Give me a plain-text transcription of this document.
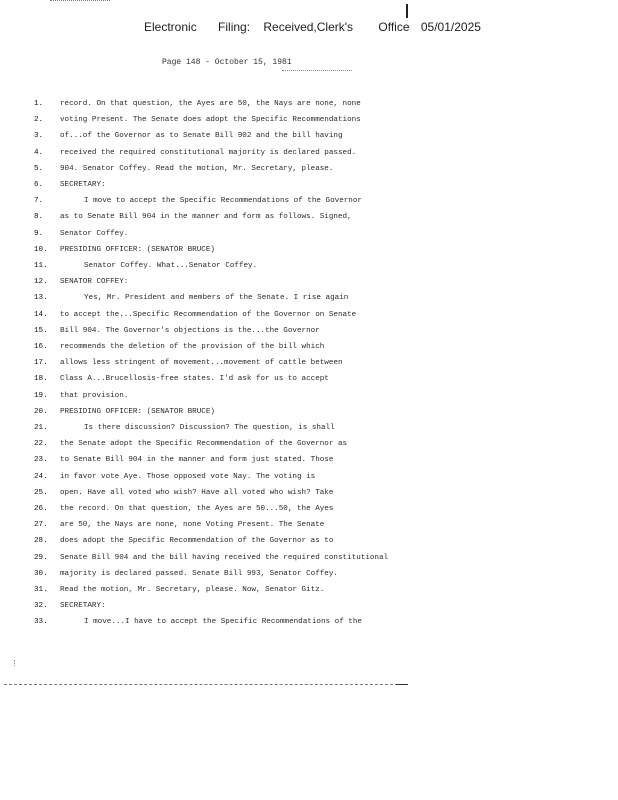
Electronic Filing: Received,Clerk's Office 05/01/2025
Page 148 - October 15, 1981
1.	record. On that question, the Ayes are 50, the Nays are none, none
2.	voting Present. The Senate does adopt the Specific Recommendations
3.	of...of the Governor as to Senate Bill 902 and the bill having
4.	received the required constitutional majority is declared passed.
5.	904. Senator Coffey. Read the motion, Mr. Secretary, please.
6.	SECRETARY:
7.	I move to accept the Specific Recommendations of the Governor
8.	as to Senate Bill 904 in the manner and form as follows. Signed,
9.	Senator Coffey.
10. PRESIDING OFFICER: (SENATOR BRUCE)
11.	Senator Coffey. What...Senator Coffey.
12. SENATOR COFFEY:
13.	Yes, Mr. President and members of the Senate. I rise again
14. to accept the...Specific Recommendation of the Governor on Senate
15. Bill 904. The Governor's objections is the...the Governor
16. recommends the deletion of the provision of the bill which
17. allows less stringent of movement...movement of cattle between
18. Class A...Brucellosis-free states. I'd ask for us to accept
19. that provision.
20. PRESIDING OFFICER: (SENATOR BRUCE)
21.	Is there discussion? Discussion? The question, is shall
22. the Senate adopt the Specific Recommendation of the Governor as
23. to Senate Bill 904 in the manner and form just stated. Those
24. in favor vote Aye. Those opposed vote Nay. The voting is
25. open. Have all voted who wish? Have all voted who wish? Take
26. the record. On that question, the Ayes are 50...50, the Ayes
27. are 50, the Nays are none, none Voting Present. The Senate
28. does adopt the Specific Recommendation of the Governor as to
29. Senate Bill 904 and the bill having received the required constitutional
30. majority is declared passed. Senate Bill 993, Senator Coffey.
31. Read the motion, Mr. Secretary, please. Now, Senator Gitz.
32. SECRETARY:
33.	I move...I have to accept the Specific Recommendations of the
